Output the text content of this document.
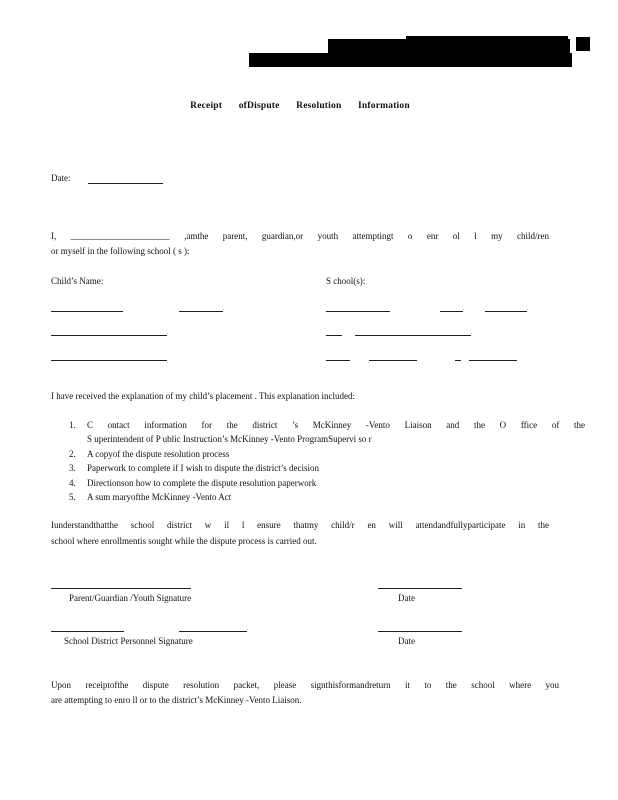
Receipt ofDispute Resolution Information
Date:
I, ______________________ ,amthe parent, guardian,or youth attemptingt o enr ol l my child/ren
or myself in the following school ( s ):
Child’s Name:	S chool(s):
I have received the explanation of my child’s placement . This explanation included:
1. C ontact information for the district ’s McKinney -Vento Liaison and the O ffice of the
S uperintendent of P ublic Instruction’s McKinney -Vento ProgramSupervi so r
2. A copyof the dispute resolution process
3. Paperwork to complete if I wish to dispute the district’s decision
4. Directionson how to complete the dispute resolution paperwork
5. A sum maryofthe McKinney -Vento Act
Iunderstandthatthe school district w il l ensure thatmy child/r en will attendandfullyparticipate in the
school where enrollmentis sought while the dispute process is carried out.
Parent/Guardian /Youth Signature	Date
School District Personnel Signature	Date
Upon receiptofthe dispute resolution packet, please signthisformandreturn it to the school where you
are attempting to enro ll or to the district’s McKinney -Vento Liaison.
